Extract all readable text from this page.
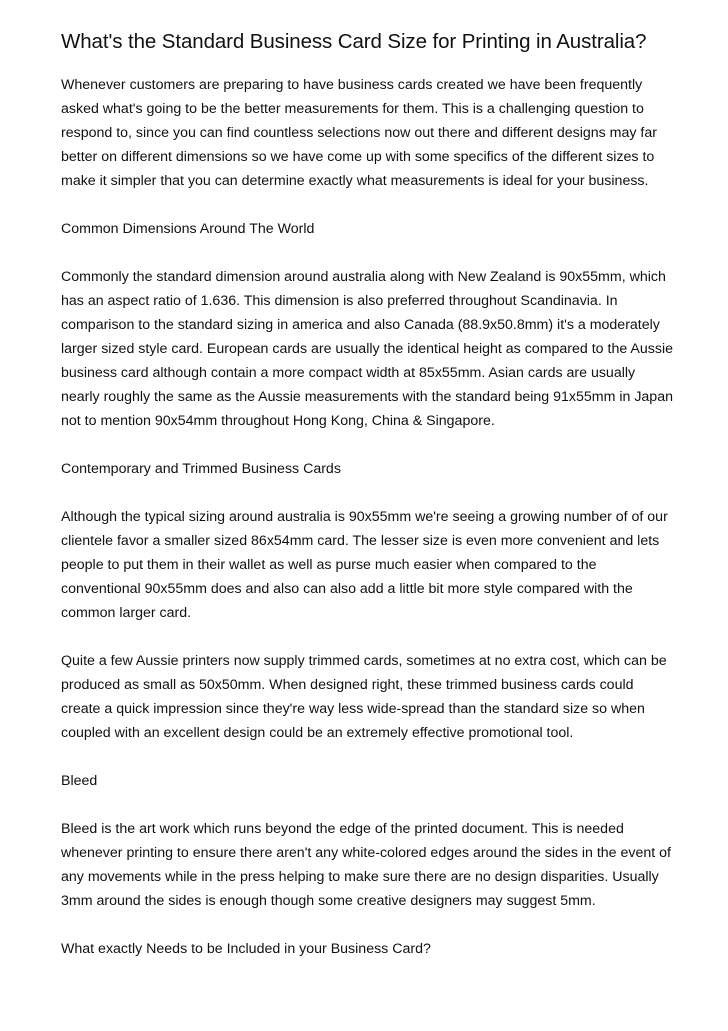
What's the Standard Business Card Size for Printing in Australia?

Whenever customers are preparing to have business cards created we have been frequently asked what's going to be the better measurements for them. This is a challenging question to respond to, since you can find countless selections now out there and different designs may far better on different dimensions so we have come up with some specifics of the different sizes to make it simpler that you can determine exactly what measurements is ideal for your business.

Common Dimensions Around The World

Commonly the standard dimension around australia along with New Zealand is 90x55mm, which has an aspect ratio of 1.636. This dimension is also preferred throughout Scandinavia. In comparison to the standard sizing in america and also Canada (88.9x50.8mm) it's a moderately larger sized style card. European cards are usually the identical height as compared to the Aussie business card although contain a more compact width at 85x55mm. Asian cards are usually nearly roughly the same as the Aussie measurements with the standard being 91x55mm in Japan not to mention 90x54mm throughout Hong Kong, China & Singapore.

Contemporary and Trimmed Business Cards

Although the typical sizing around australia is 90x55mm we're seeing a growing number of of our clientele favor a smaller sized 86x54mm card. The lesser size is even more convenient and lets people to put them in their wallet as well as purse much easier when compared to the conventional 90x55mm does and also can also add a little bit more style compared with the common larger card.

Quite a few Aussie printers now supply trimmed cards, sometimes at no extra cost, which can be produced as small as 50x50mm. When designed right, these trimmed business cards could create a quick impression since they're way less wide-spread than the standard size so when coupled with an excellent design could be an extremely effective promotional tool.

Bleed

Bleed is the art work which runs beyond the edge of the printed document. This is needed whenever printing to ensure there aren't any white-colored edges around the sides in the event of any movements while in the press helping to make sure there are no design disparities. Usually 3mm around the sides is enough though some creative designers may suggest 5mm.

What exactly Needs to be Included in your Business Card?
